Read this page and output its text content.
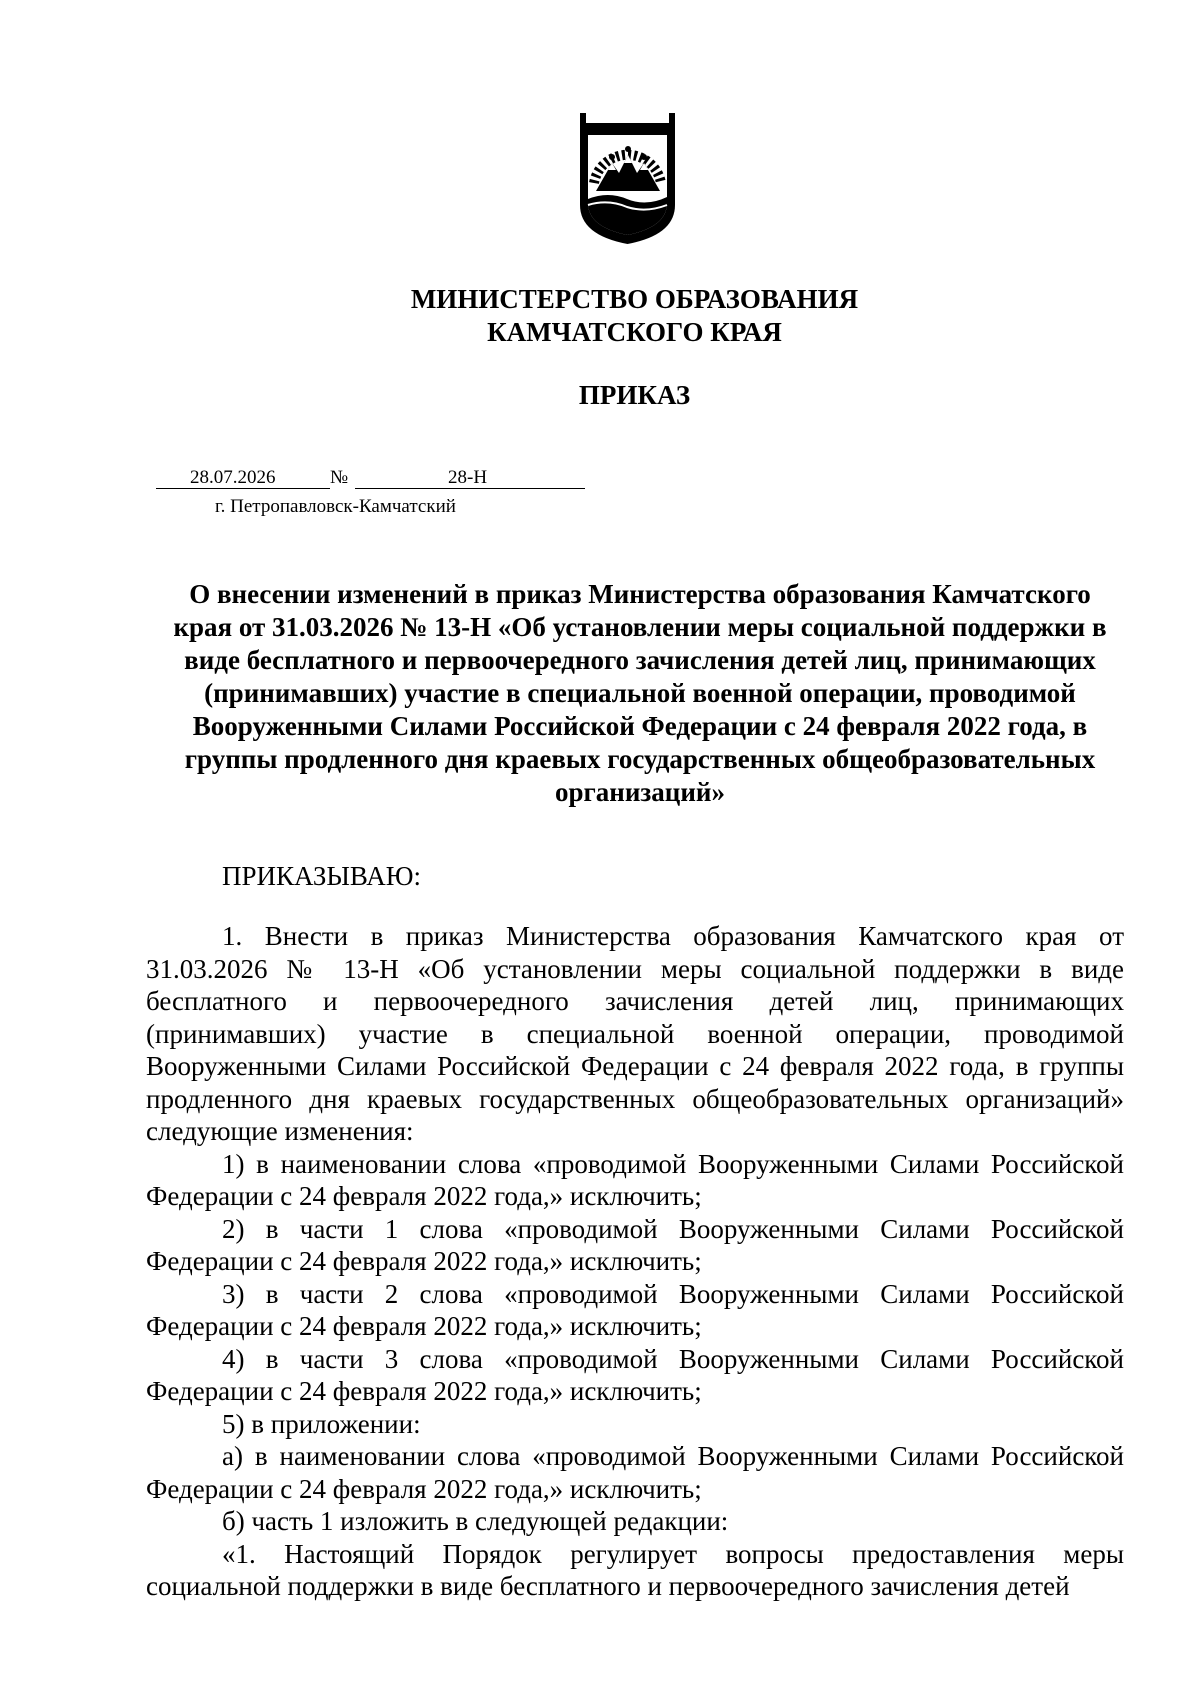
МИНИСТЕРСТВО ОБРАЗОВАНИЯ
КАМЧАТСКОГО КРАЯ
ПРИКАЗ
28.07.2026	№	28-Н
г. Петропавловск-Камчатский
О внесении изменений в приказ Министерства образования Камчатского края от 31.03.2026 № 13-Н «Об установлении меры социальной поддержки в виде бесплатного и первоочередного зачисления детей лиц, принимающих (принимавших) участие в специальной военной операции, проводимой Вооруженными Силами Российской Федерации с 24 февраля 2022 года, в группы продленного дня краевых государственных общеобразовательных организаций»
ПРИКАЗЫВАЮ:

1. Внести в приказ Министерства образования Камчатского края от 31.03.2026 № 13-Н «Об установлении меры социальной поддержки в виде бесплатного и первоочередного зачисления детей лиц, принимающих (принимавших) участие в специальной военной операции, проводимой Вооруженными Силами Российской Федерации с 24 февраля 2022 года, в группы продленного дня краевых государственных общеобразовательных организаций» следующие изменения:

1) в наименовании слова «проводимой Вооруженными Силами Российской Федерации с 24 февраля 2022 года,» исключить;

2) в части 1 слова «проводимой Вооруженными Силами Российской Федерации с 24 февраля 2022 года,» исключить;

3) в части 2 слова «проводимой Вооруженными Силами Российской Федерации с 24 февраля 2022 года,» исключить;

4) в части 3 слова «проводимой Вооруженными Силами Российской Федерации с 24 февраля 2022 года,» исключить;

5) в приложении:

а) в наименовании слова «проводимой Вооруженными Силами Российской Федерации с 24 февраля 2022 года,» исключить;

б) часть 1 изложить в следующей редакции:

«1. Настоящий Порядок регулирует вопросы предоставления меры социальной поддержки в виде бесплатного и первоочередного зачисления детей
